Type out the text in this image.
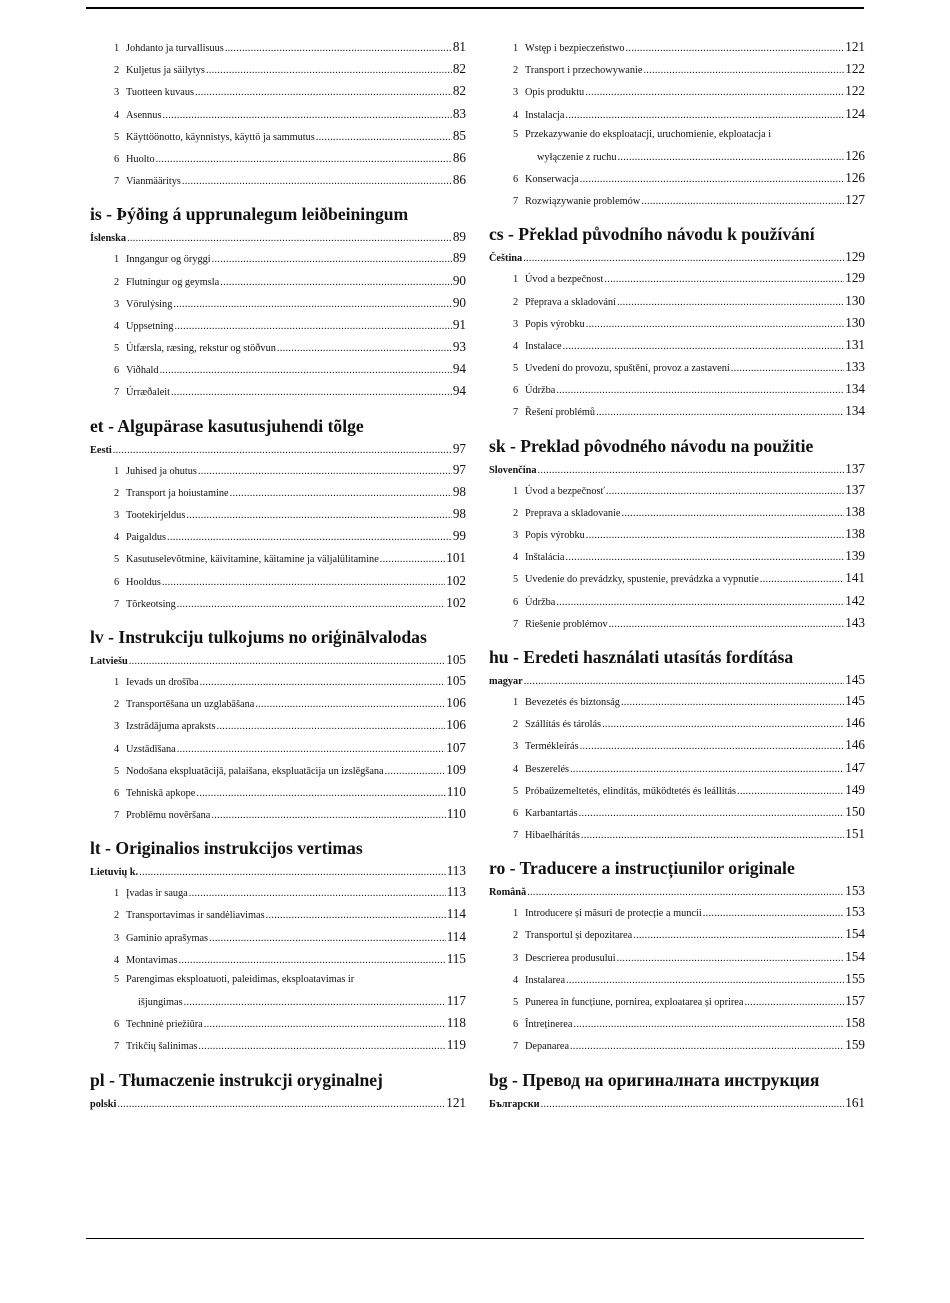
1 Johdanto ja turvallisuus .....	81
2 Kuljetus ja säilytys .....	82
3 Tuotteen kuvaus .....	82
4 Asennus .....	83
5 Käyttöönotto, käynnistys, käyttö ja sammutus .....	85
6 Huolto .....	86
7 Vianmääritys .....	86
is - Þýðing á upprunalegum leiðbeiningum
Íslenska .....	89
1 Inngangur og öryggi .....	89
2 Flutningur og geymsla .....	90
3 Vörulýsing .....	90
4 Uppsetning .....	91
5 Útfærsla, ræsing, rekstur og stöðvun .....	93
6 Viðhald .....	94
7 Úrræðaleit .....	94
et - Algupärase kasutusjuhendi tõlge
Eesti .....	97
1 Juhised ja ohutus .....	97
2 Transport ja hoiustamine .....	98
3 Tootekirjeldus .....	98
4 Paigaldus .....	99
5 Kasutuselevõtmine, käivitamine, käitamine ja väljalülitamine .....	101
6 Hooldus .....	102
7 Tõrkeotsing .....	102
lv - Instrukciju tulkojums no oriģinālvalodas
Latviešu .....	105
1 Ievads un drošība .....	105
2 Transportēšana un uzglabāšana .....	106
3 Izstrādājuma apraksts .....	106
4 Uzstādīšana .....	107
5 Nodošana ekspluatācijā, palaišana, ekspluatācija un izslēgšana .....	109
6 Tehniskā apkope .....	110
7 Problēmu novēršana .....	110
lt - Originalios instrukcijos vertimas
Lietuvių k. .....	113
1 Įvadas ir sauga .....	113
2 Transportavimas ir sandėliavimas .....	114
3 Gaminio aprašymas .....	114
4 Montavimas .....	115
5 Parengimas eksploatuoti, paleidimas, eksploatavimas ir
išjungimas .....	117
6 Techninė priežiūra .....	118
7 Trikčių šalinimas .....	119
pl - Tłumaczenie instrukcji oryginalnej
polski .....	121
1 Wstęp i bezpieczeństwo .....	121
2 Transport i przechowywanie .....	122
3 Opis produktu .....	122
4 Instalacja .....	124
5 Przekazywanie do eksploatacji, uruchomienie, ekploatacja i
wyłączenie z ruchu .....	126
6 Konserwacja .....	126
7 Rozwiązywanie problemów .....	127
cs - Překlad původního návodu k používání
Čeština .....	129
1 Úvod a bezpečnost .....	129
2 Přeprava a skladování .....	130
3 Popis výrobku .....	130
4 Instalace .....	131
5 Uvedení do provozu, spuštění, provoz a zastavení .....	133
6 Údržba .....	134
7 Řešení problémů .....	134
sk - Preklad pôvodného návodu na použitie
Slovenčina .....	137
1 Úvod a bezpečnosť .....	137
2 Preprava a skladovanie .....	138
3 Popis výrobku .....	138
4 Inštalácia .....	139
5 Uvedenie do prevádzky, spustenie, prevádzka a vypnutie .....	141
6 Údržba .....	142
7 Riešenie problémov .....	143
hu - Eredeti használati utasítás fordítása
magyar .....	145
1 Bevezetés és biztonság .....	145
2 Szállítás és tárolás .....	146
3 Termékleírás .....	146
4 Beszerelés .....	147
5 Próbaüzemeltetés, elindítás, működtetés és leállítás .....	149
6 Karbantartás .....	150
7 Hibaelhárítás .....	151
ro - Traducere a instrucțiunilor originale
Română .....	153
1 Introducere și măsuri de protecție a muncii .....	153
2 Transportul și depozitarea .....	154
3 Descrierea produsului .....	154
4 Instalarea .....	155
5 Punerea în funcțiune, pornirea, exploatarea și oprirea .....	157
6 Întreținerea .....	158
7 Depanarea .....	159
bg - Превод на оригиналната инструкция
Български .....	161
